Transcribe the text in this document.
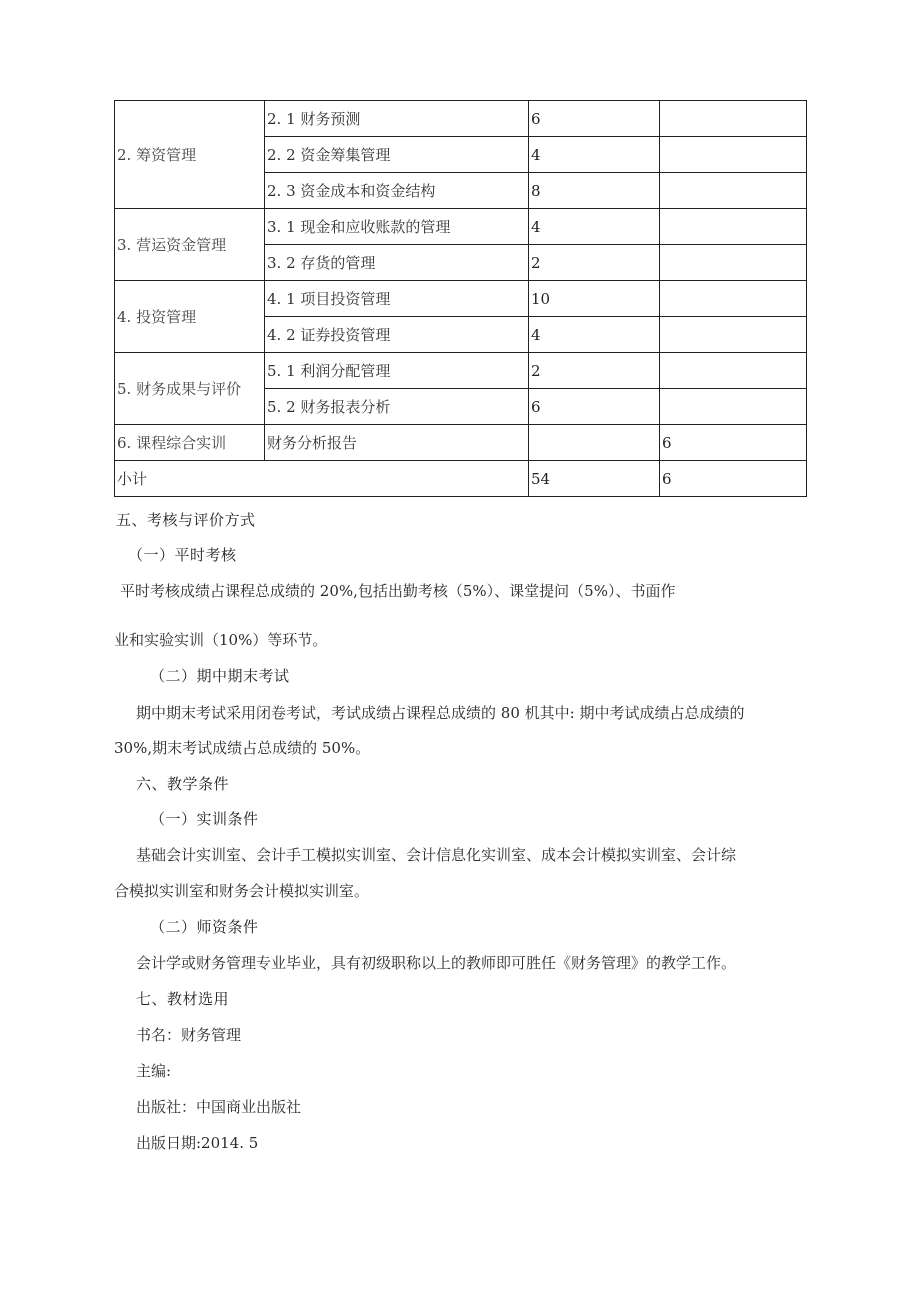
2. 筹资管理	2. 1 财务预测	6	
	2. 2 资金筹集管理	4	
	2. 3 资金成本和资金结构	8	
3. 营运资金管理	3. 1 现金和应收账款的管理	4	
	3. 2 存货的管理	2	
4. 投资管理	4. 1 项目投资管理	10	
	4. 2 证券投资管理	4	
5. 财务成果与评价	5. 1 利润分配管理	2	
	5. 2 财务报表分析	6	
6. 课程综合实训	财务分析报告		6
小计		54	6
五、考核与评价方式
（一）平时考核
平时考核成绩占课程总成绩的 20%,包括出勤考核（5%）、课堂提问（5%）、书面作
业和实验实训（10%）等环节。
（二）期中期末考试
期中期末考试采用闭卷考试，考试成绩占课程总成绩的 80 机其中: 期中考试成绩占总成绩的
30%,期末考试成绩占总成绩的 50%。
六、教学条件
（一）实训条件
基础会计实训室、会计手工模拟实训室、会计信息化实训室、成本会计模拟实训室、会计综
合模拟实训室和财务会计模拟实训室。
（二）师资条件
会计学或财务管理专业毕业，具有初级职称以上的教师即可胜任《财务管理》的教学工作。
七、教材选用
书名：财务管理
主编:
出版社：中国商业出版社
出版日期:2014. 5
